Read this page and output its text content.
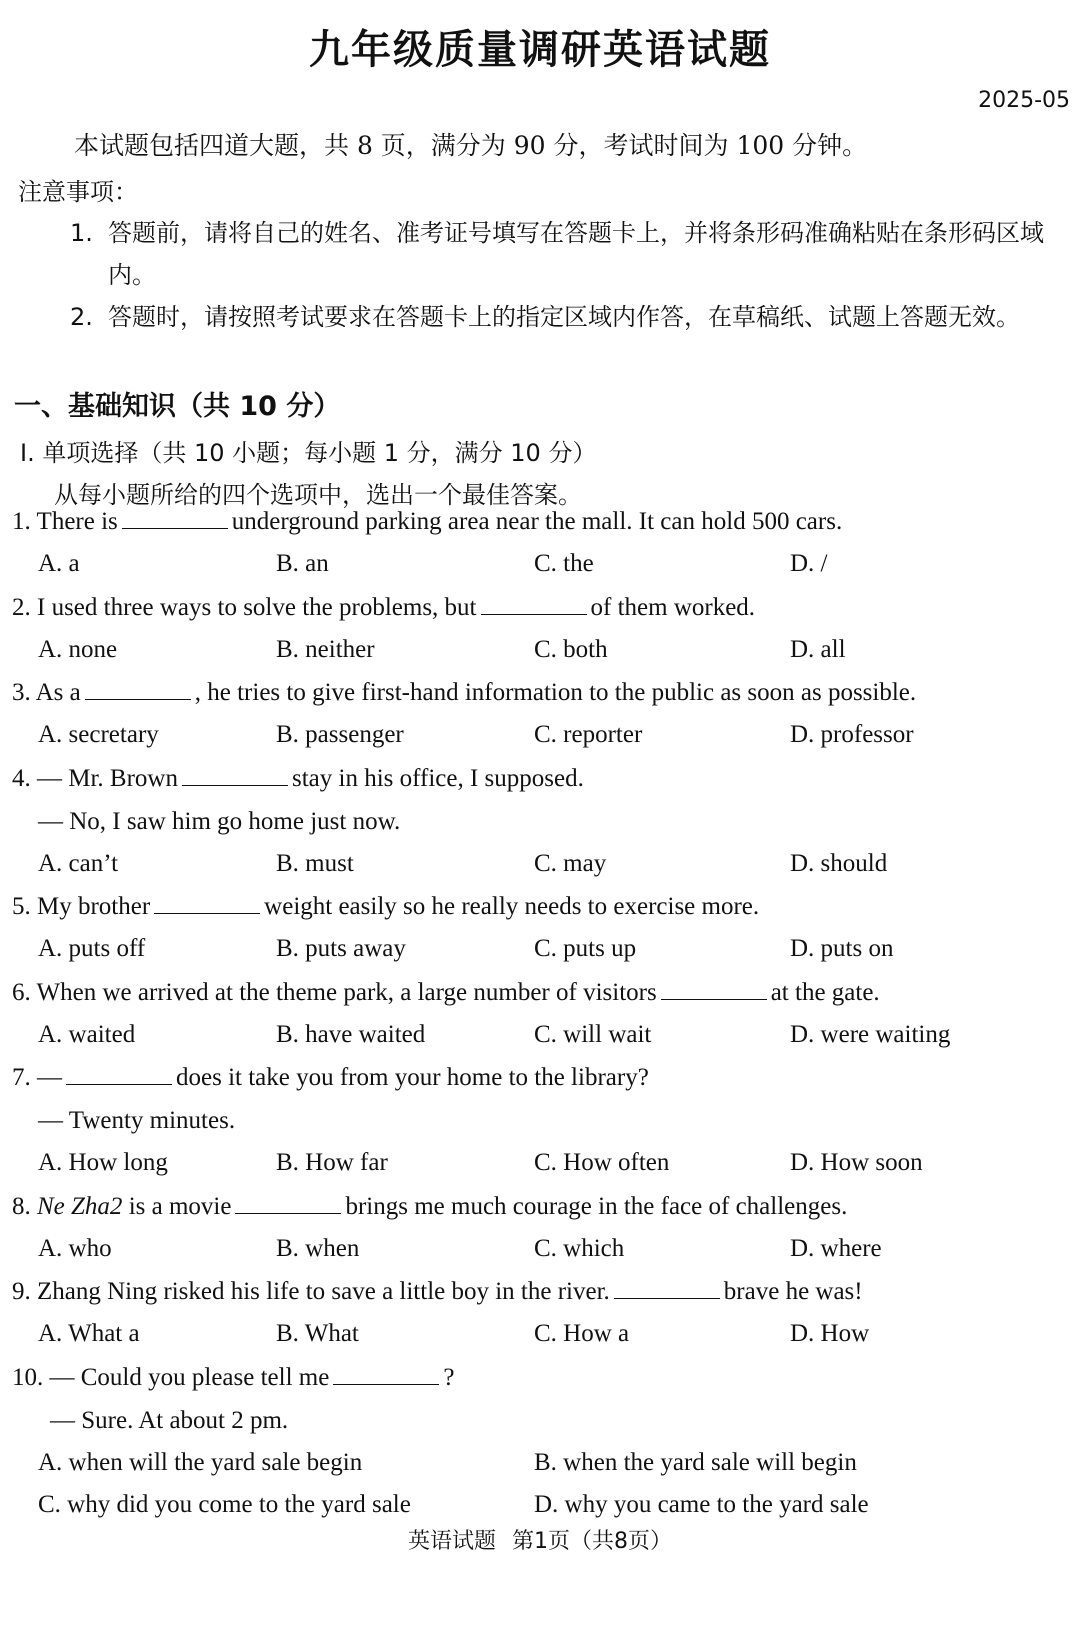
九年级质量调研英语试题
2025-05
本试题包括四道大题，共 8 页，满分为 90 分，考试时间为 100 分钟。
注意事项：
1. 答题前，请将自己的姓名、准考证号填写在答题卡上，并将条形码准确粘贴在条形码区域内。
2. 答题时，请按照考试要求在答题卡上的指定区域内作答，在草稿纸、试题上答题无效。
一、基础知识（共 10 分）
Ⅰ. 单项选择（共 10 小题；每小题 1 分，满分 10 分）
从每小题所给的四个选项中，选出一个最佳答案。
1. There is	underground parking area near the mall. It can hold 500 cars.
A. a	B. an	C. the	D. /
2. I used three ways to solve the problems, but	of them worked.
A. none	B. neither	C. both	D. all
3. As a	, he tries to give first-hand information to the public as soon as possible.
A. secretary	B. passenger	C. reporter	D. professor
4. — Mr. Brown	stay in his office, I supposed.
— No, I saw him go home just now.
A. can’t	B. must	C. may	D. should
5. My brother	weight easily so he really needs to exercise more.
A. puts off	B. puts away	C. puts up	D. puts on
6. When we arrived at the theme park, a large number of visitors	at the gate.
A. waited	B. have waited	C. will wait	D. were waiting
7. —	does it take you from your home to the library?
— Twenty minutes.
A. How long	B. How far	C. How often	D. How soon
8. Ne Zha2 is a movie	brings me much courage in the face of challenges.
A. who	B. when	C. which	D. where
9. Zhang Ning risked his life to save a little boy in the river.	brave he was!
A. What a	B. What	C. How a	D. How
10. — Could you please tell me	?
— Sure. At about 2 pm.
A. when will the yard sale begin	B. when the yard sale will begin
C. why did you come to the yard sale	D. why you came to the yard sale
英语试题 第1页（共8页）
